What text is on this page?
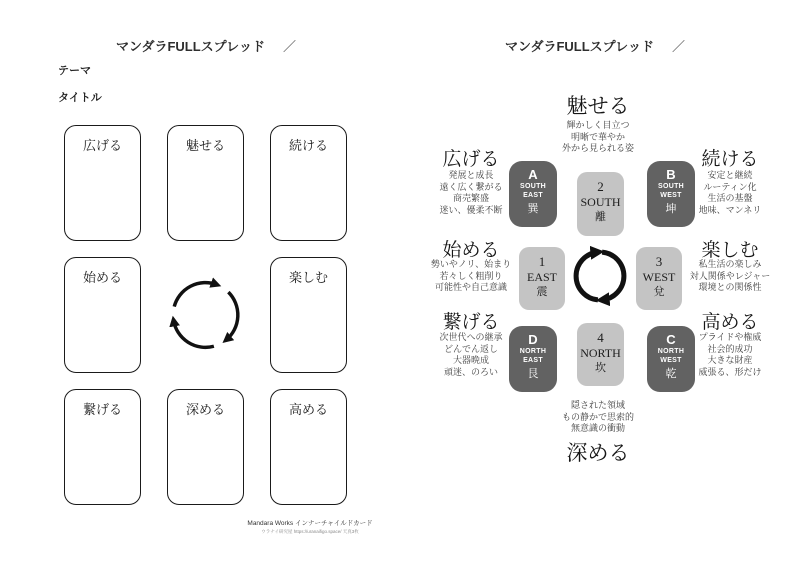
マンダラFULLスプレッド ／
テーマ
タイトル
広げる	魅せる	続ける
始める	楽しむ
繋げる	深める	高める
Mandara Works インナーチャイルドカード
ウラナイ研究屋 https://uranaifigo.space/ 天真3枚
マンダラFULLスプレッド ／
魅せる
輝かしく目立つ
明晰で華やか
外から見られる姿
広げる
発展と成長
遠く広く繋がる
商売繁盛
迷い、優柔不断
続ける
安定と継続
ルーティン化
生活の基盤
地味、マンネリ
始める
勢いやノリ、始まり
若々しく粗削り
可能性や自己意識
楽しむ
私生活の楽しみ
対人関係やレジャー
環境との関係性
繋げる
次世代への継承
どんでん返し
大器晩成
頑迷、のろい
高める
プライドや権威
社会的成功
大きな財産
威張る、形だけ
隠された領域
もの静かで思索的
無意識の衝動
深める
A
SOUTH
EAST
巽
2
SOUTH
離
B
SOUTH
WEST
坤
1
EAST
震
3
WEST
兌
D
NORTH
EAST
艮
4
NORTH
坎
C
NORTH
WEST
乾
